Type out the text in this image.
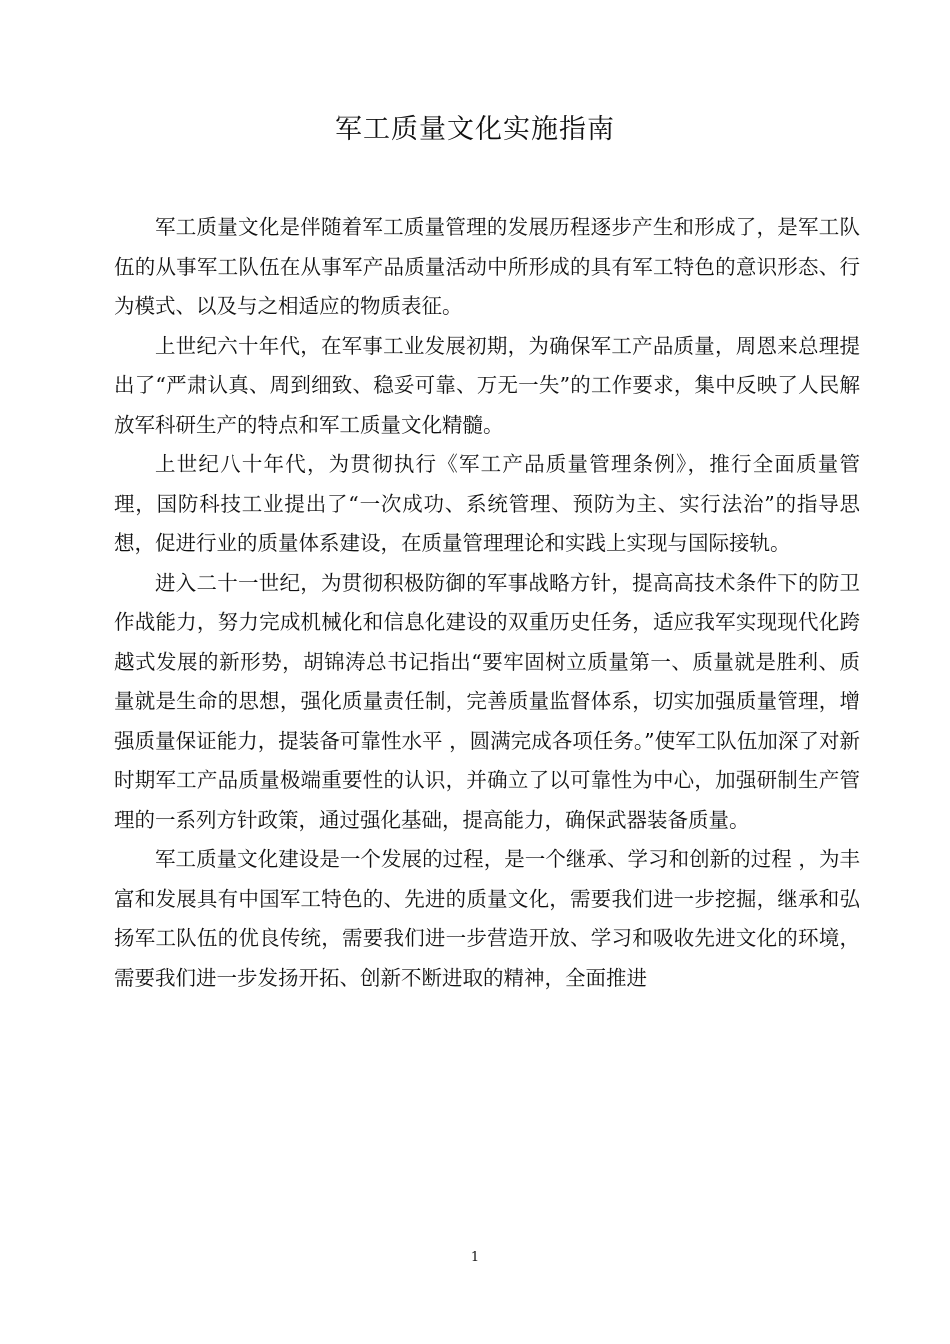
军工质量文化实施指南

军工质量文化是伴随着军工质量管理的发展历程逐步产生和形成了，是军工队伍的从事军工队伍在从事军产品质量活动中所形成的具有军工特色的意识形态、行为模式、以及与之相适应的物质表征。

上世纪六十年代，在军事工业发展初期，为确保军工产品质量，周恩来总理提出了“严肃认真、周到细致、稳妥可靠、万无一失”的工作要求，集中反映了人民解放军科研生产的特点和军工质量文化精髓。

上世纪八十年代，为贯彻执行《军工产品质量管理条例》，推行全面质量管理，国防科技工业提出了“一次成功、系统管理、预防为主、实行法治”的指导思想，促进行业的质量体系建设，在质量管理理论和实践上实现与国际接轨。

进入二十一世纪，为贯彻积极防御的军事战略方针，提高高技术条件下的防卫作战能力，努力完成机械化和信息化建设的双重历史任务，适应我军实现现代化跨越式发展的新形势，胡锦涛总书记指出“要牢固树立质量第一、质量就是胜利、质量就是生命的思想，强化质量责任制，完善质量监督体系，切实加强质量管理，增强质量保证能力，提装备可靠性水平 ，圆满完成各项任务。”使军工队伍加深了对新时期军工产品质量极端重要性的认识，并确立了以可靠性为中心，加强研制生产管理的一系列方针政策，通过强化基础，提高能力，确保武器装备质量。

军工质量文化建设是一个发展的过程，是一个继承、学习和创新的过程 ，为丰富和发展具有中国军工特色的、先进的质量文化，需要我们进一步挖掘，继承和弘扬军工队伍的优良传统，需要我们进一步营造开放、学习和吸收先进文化的环境，需要我们进一步发扬开拓、创新不断进取的精神，全面推进

1
